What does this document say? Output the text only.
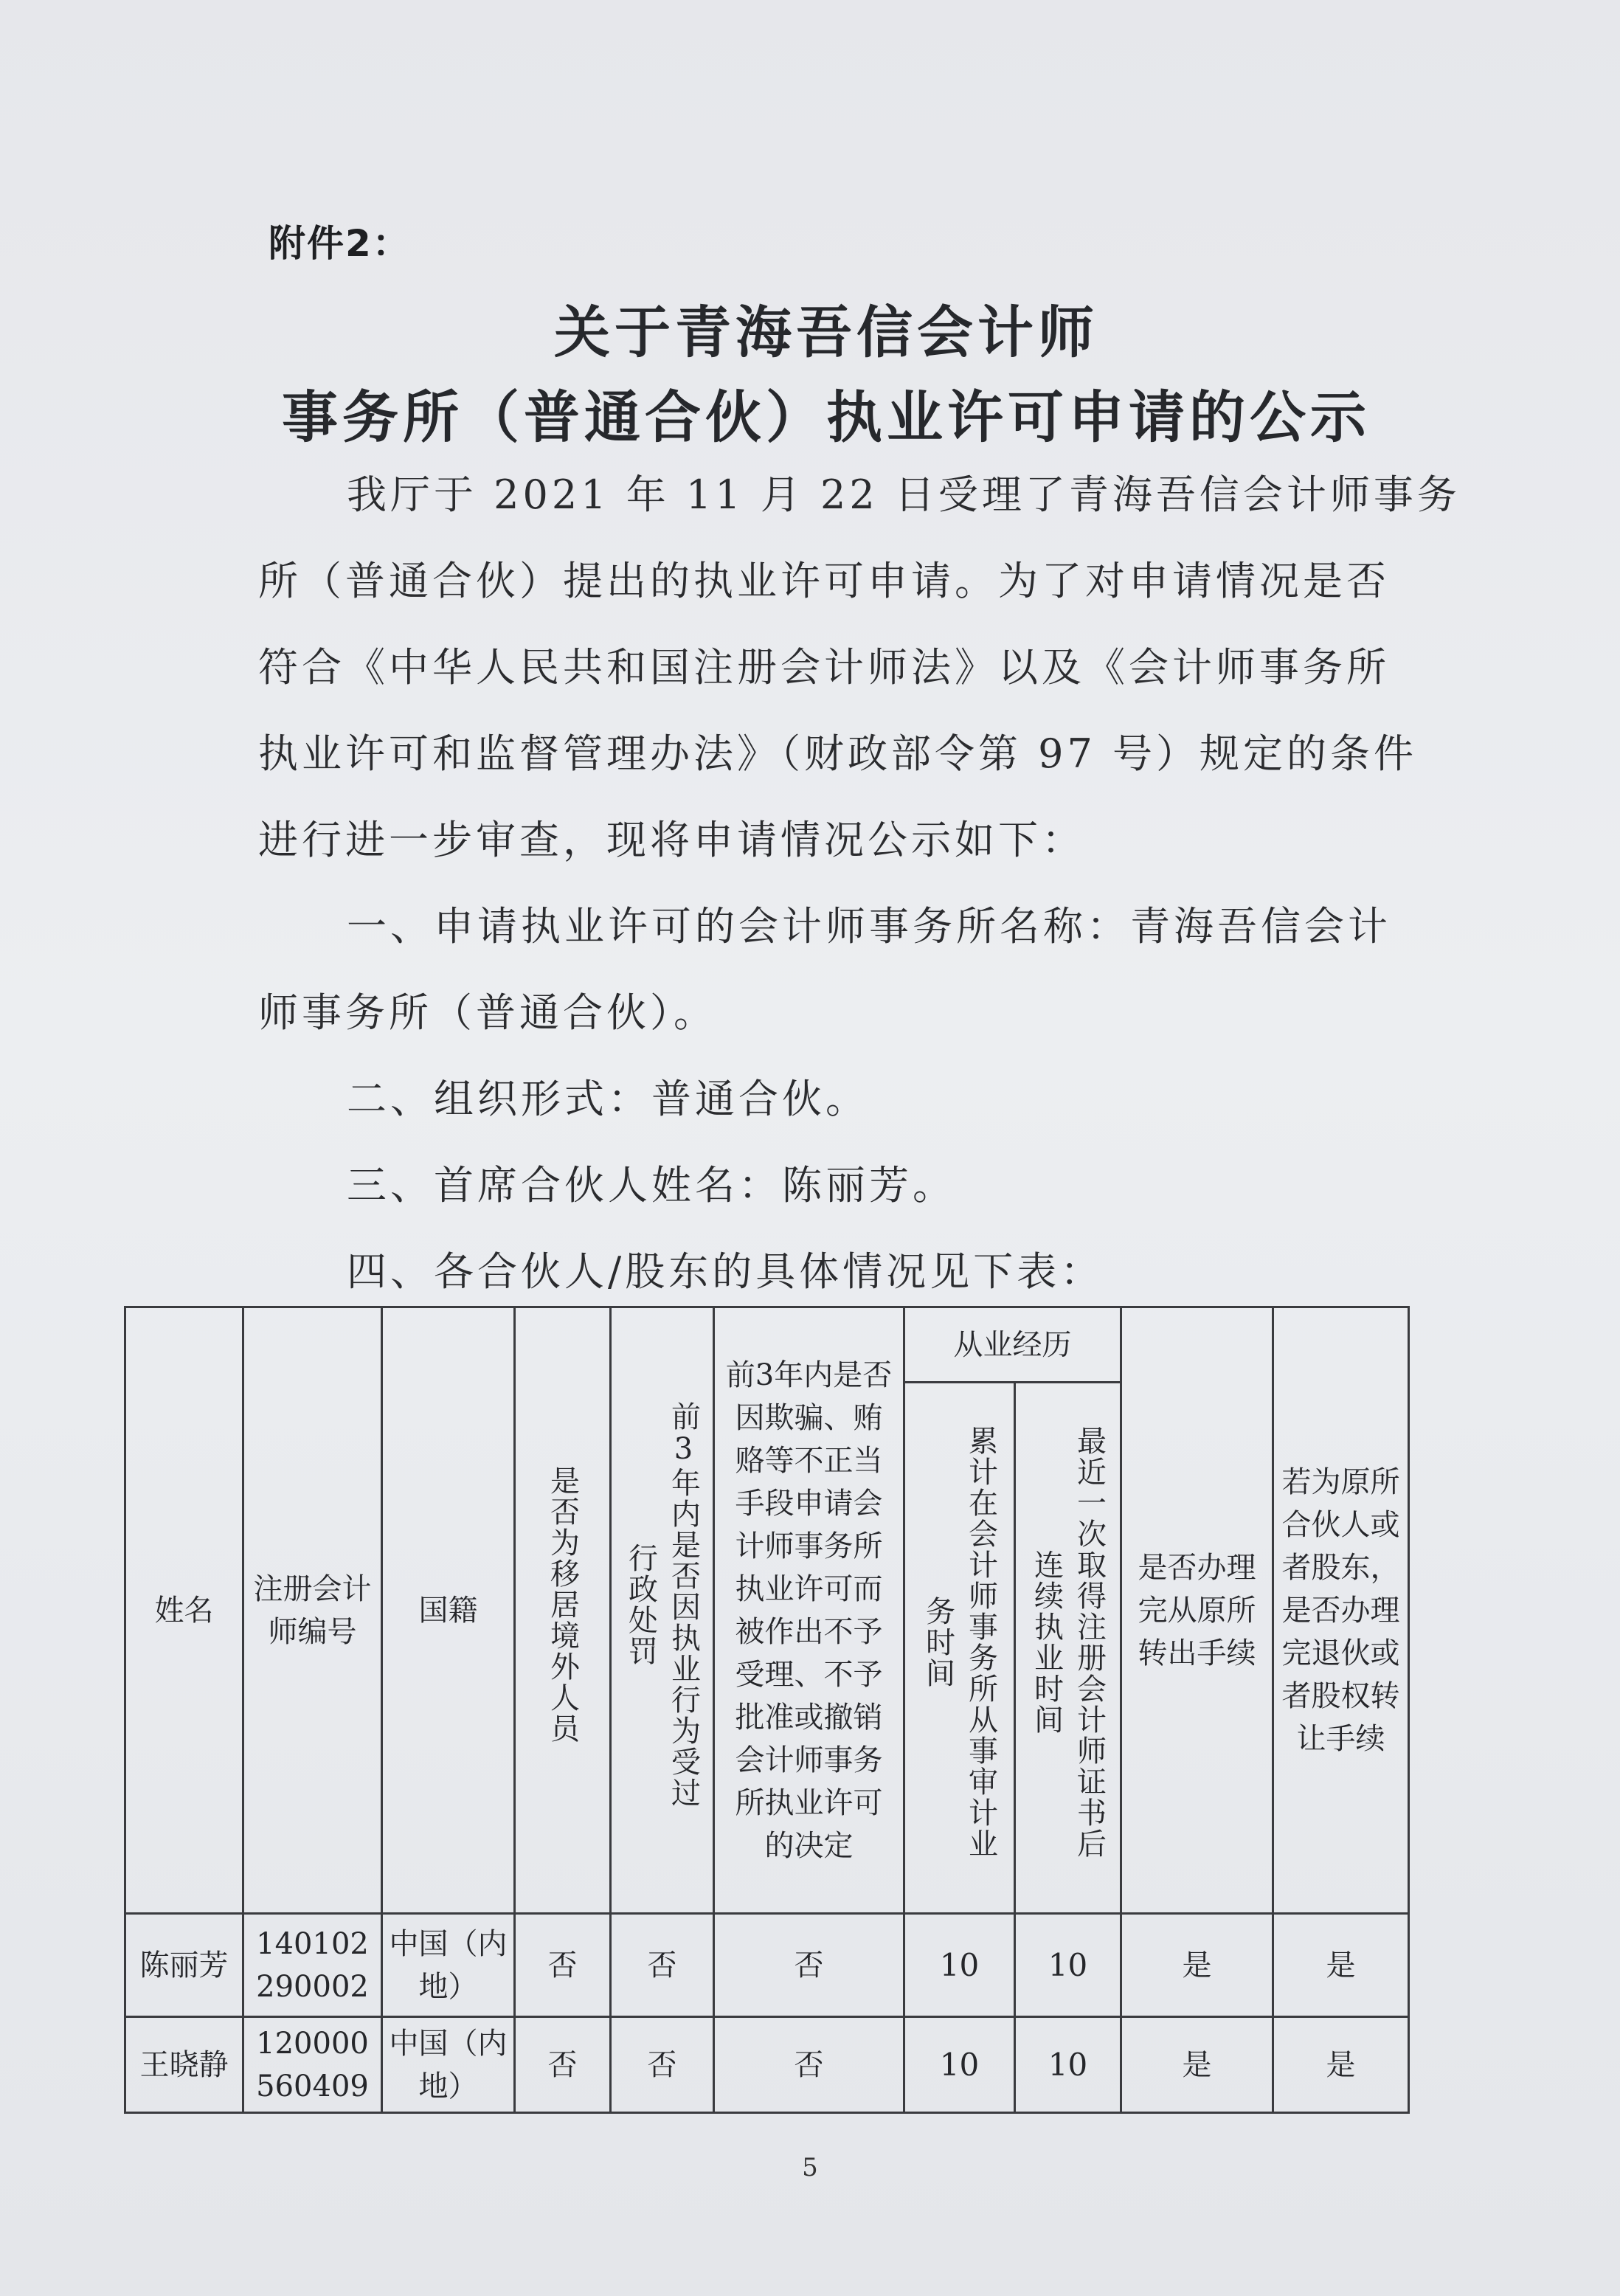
附件2：
关于青海吾信会计师
事务所（普通合伙）执业许可申请的公示
我厅于 2021 年 11 月 22 日受理了青海吾信会计师事务
所（普通合伙）提出的执业许可申请。为了对申请情况是否
符合《中华人民共和国注册会计师法》以及《会计师事务所
执业许可和监督管理办法》（财政部令第 97 号）规定的条件
进行进一步审查，现将申请情况公示如下：
一、申请执业许可的会计师事务所名称：青海吾信会计
师事务所（普通合伙）。
二、组织形式：普通合伙。
三、首席合伙人姓名：陈丽芳。
四、各合伙人/股东的具体情况见下表：
姓名	注册会计师编号	国籍	是否为移居境外人员	前3年内是否因执业行为受过行政处罚	前3年内是否因欺骗、贿赂等不正当手段申请会计师事务所执业许可而被作出不予受理、不予批准或撤销会计师事务所执业许可的决定	从业经历		是否办理完从原所转出手续	若为原所合伙人或者股东，是否办理完退伙或者股权转让手续
						累计在会计师事务所从事审计业务时间	最近一次取得注册会计师证书后连续执业时间		
陈丽芳	140102290002	中国（内地）	否	否	否	10	10	是	是
王晓静	120000560409	中国（内地）	否	否	否	10	10	是	是
5
